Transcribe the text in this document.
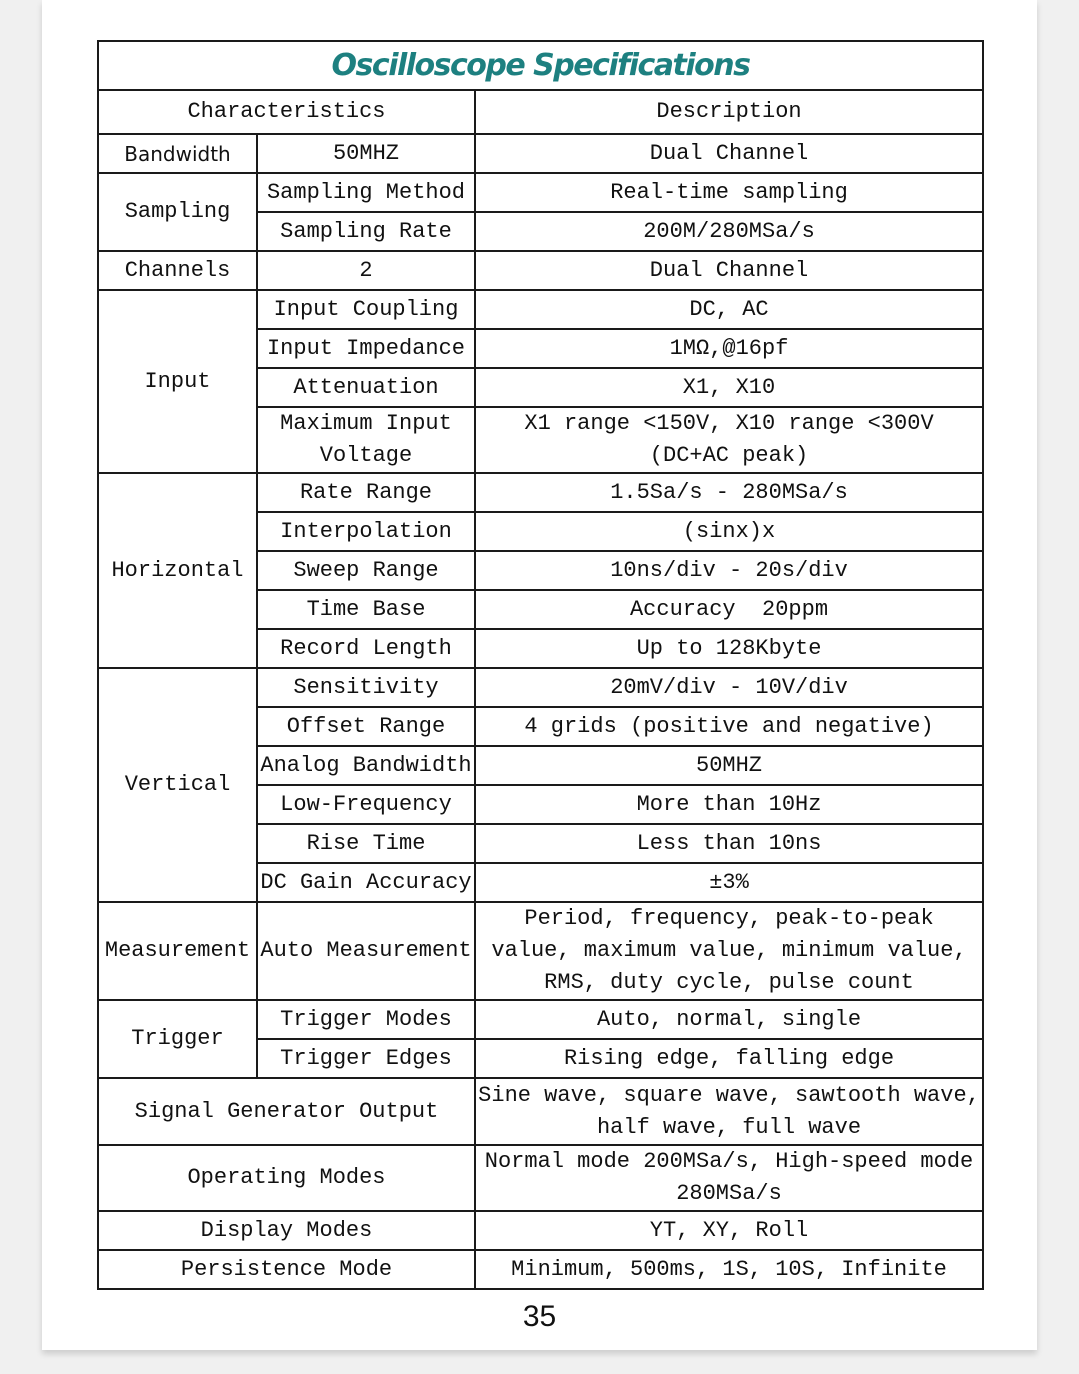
Oscilloscope Specifications		
Characteristics		Description
Bandwidth	50MHZ	Dual Channel
Sampling	Sampling Method	Real-time sampling
	Sampling Rate	200M/280MSa/s
Channels	2	Dual Channel
Input	Input Coupling	DC, AC
	Input Impedance	1MΩ,@16pf
	Attenuation	X1, X10
	Maximum Input Voltage	X1 range <150V, X10 range <300V (DC+AC peak)
Horizontal	Rate Range	1.5Sa/s - 280MSa/s
	Interpolation	(sinx)x
	Sweep Range	10ns/div - 20s/div
	Time Base	Accuracy  20ppm
	Record Length	Up to 128Kbyte
Vertical	Sensitivity	20mV/div - 10V/div
	Offset Range	4 grids (positive and negative)
	Analog Bandwidth	50MHZ
	Low-Frequency	More than 10Hz
	Rise Time	Less than 10ns
	DC Gain Accuracy	±3%
Measurement	Auto Measurement	Period, frequency, peak-to-peak value, maximum value, minimum value, RMS, duty cycle, pulse count
Trigger	Trigger Modes	Auto, normal, single
	Trigger Edges	Rising edge, falling edge
Signal Generator Output		Sine wave, square wave, sawtooth wave, half wave, full wave
Operating Modes		Normal mode 200MSa/s, High-speed mode 280MSa/s
Display Modes		YT, XY, Roll
Persistence Mode		Minimum, 500ms, 1S, 10S, Infinite
35
